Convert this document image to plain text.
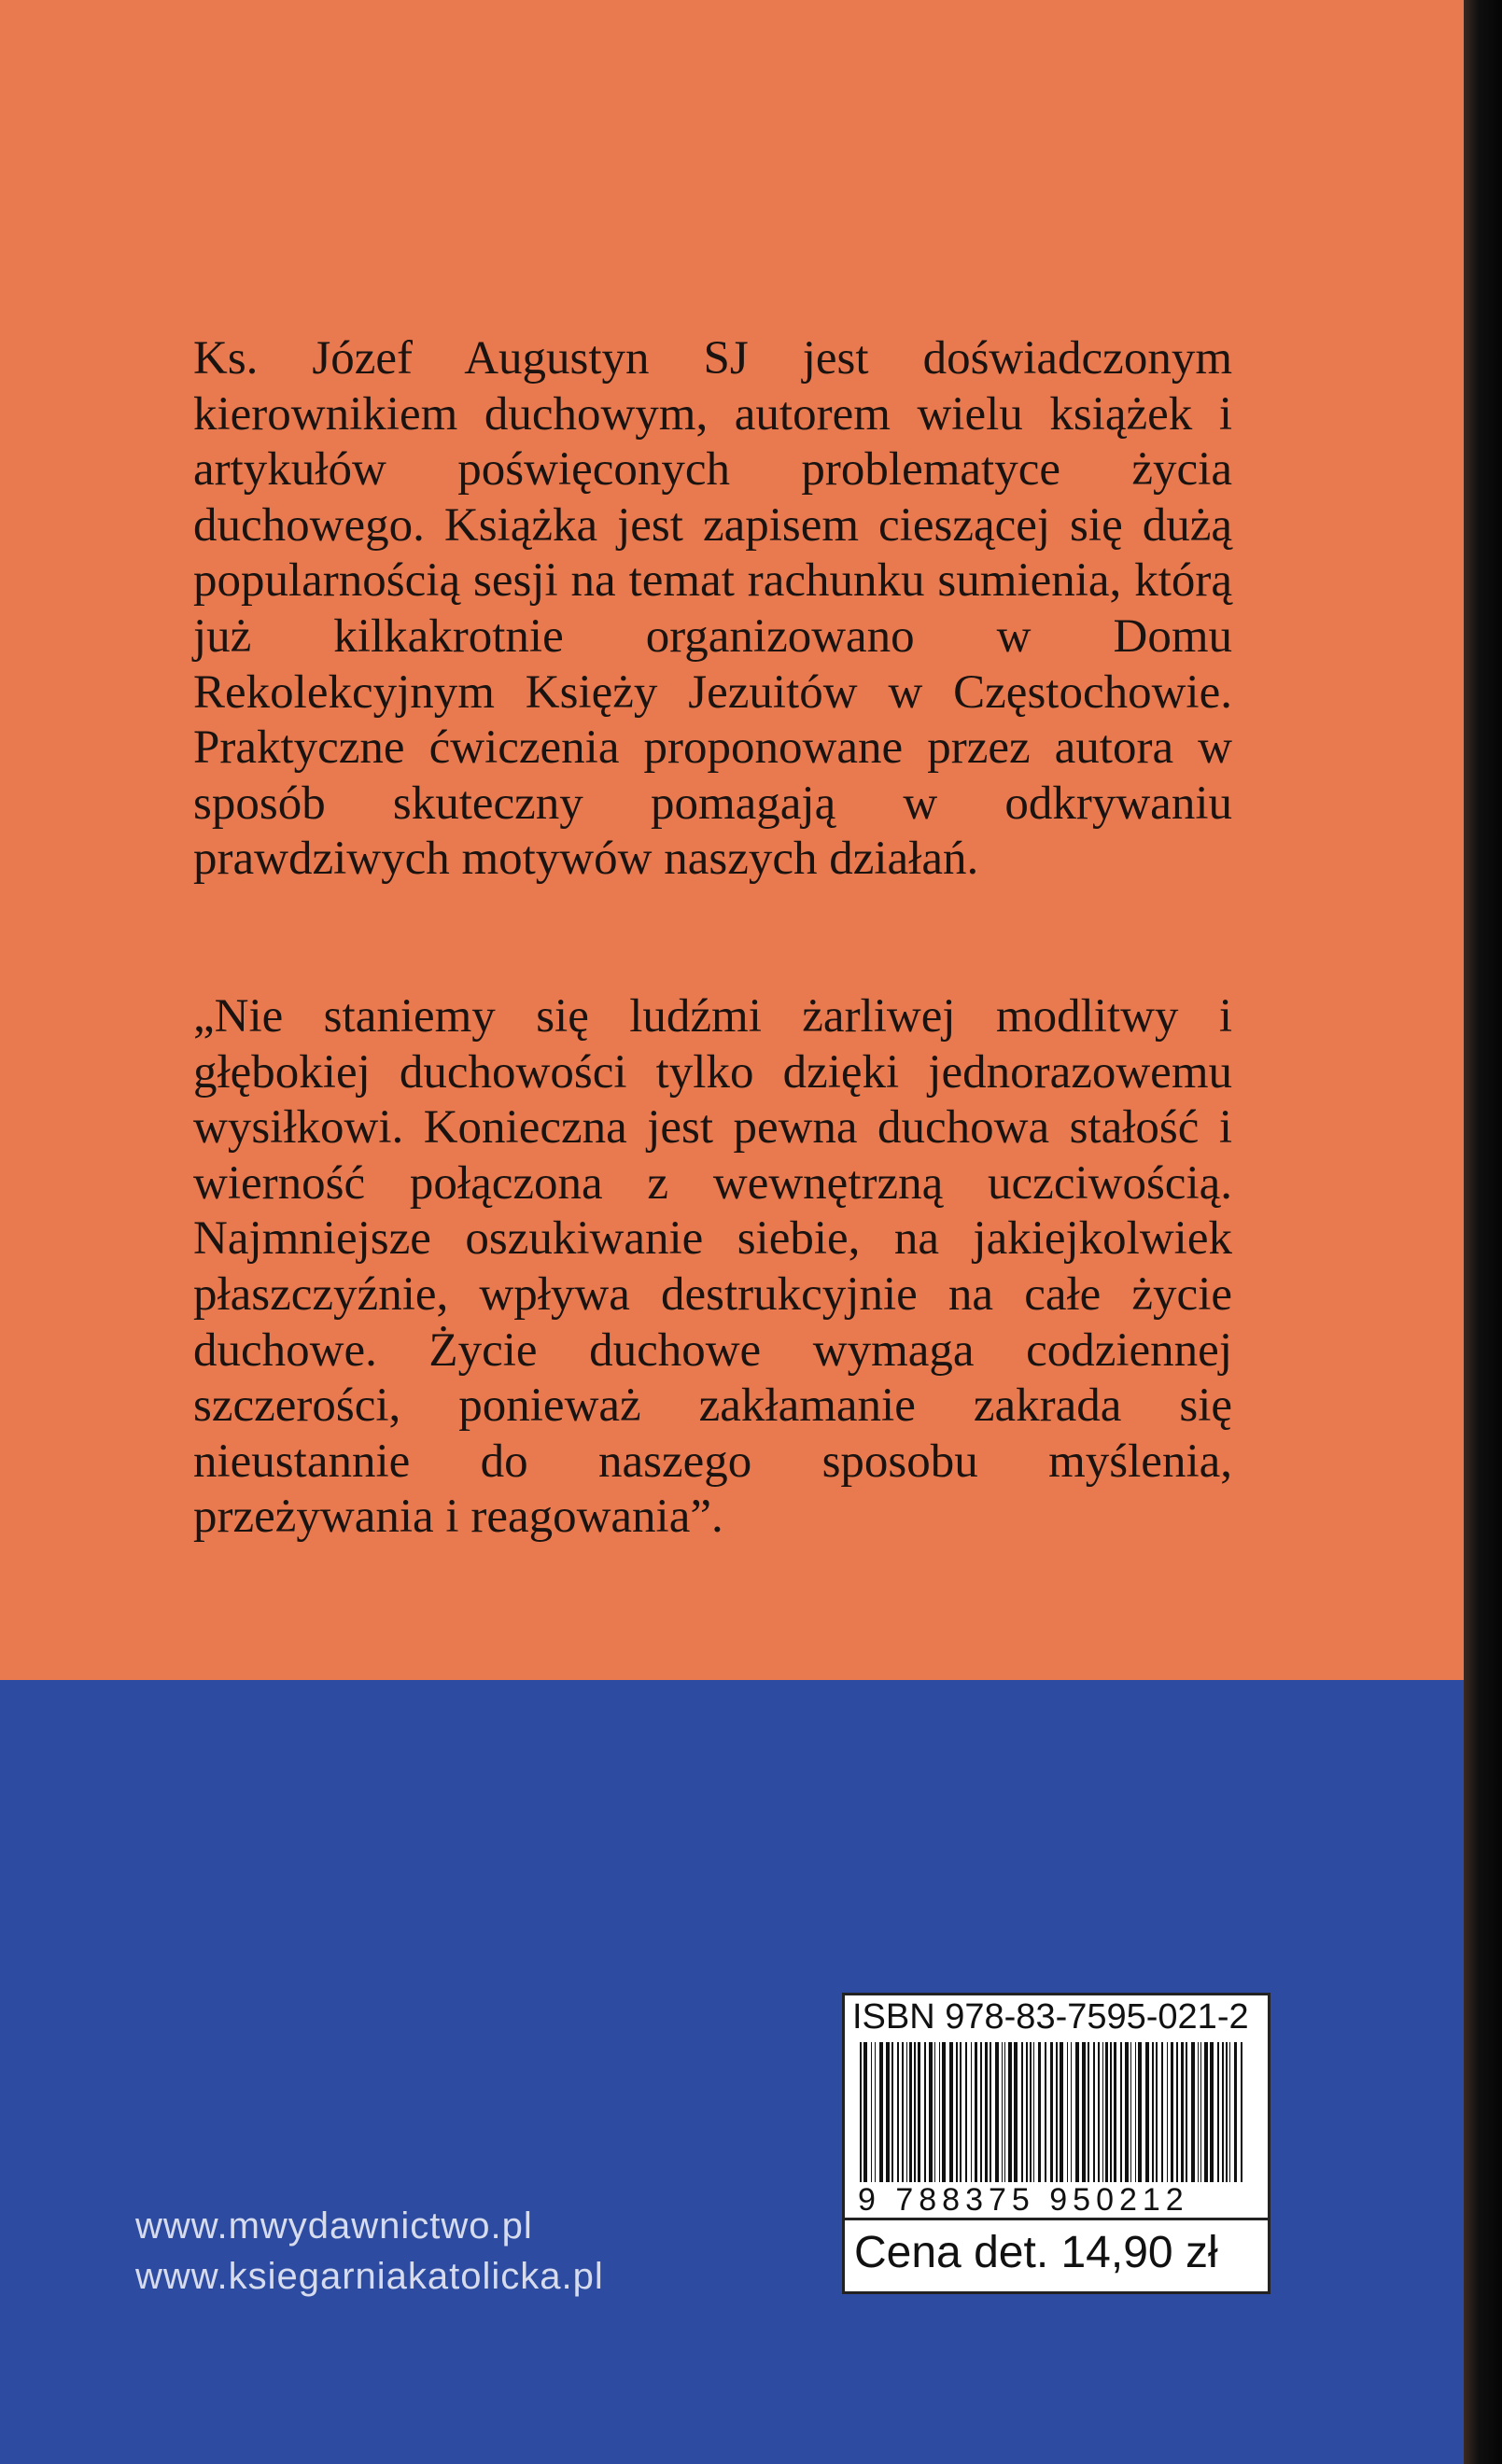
Ks. Józef Augustyn SJ jest doświadczonym kierownikiem duchowym, autorem wielu książek i artykułów poświęconych problematyce życia duchowego. Książka jest zapisem cieszącej się dużą popularnością sesji na temat rachunku sumienia, którą już kilkakrotnie organizowano w Domu Rekolekcyjnym Księży Jezuitów w Częstochowie. Praktyczne ćwiczenia proponowane przez autora w sposób skuteczny pomagają w odkrywaniu prawdziwych motywów naszych działań.

„Nie staniemy się ludźmi żarliwej modlitwy i głębokiej duchowości tylko dzięki jednorazowemu wysiłkowi. Konieczna jest pewna duchowa stałość i wierność połączona z wewnętrzną uczciwością. Najmniejsze oszukiwanie siebie, na jakiejkolwiek płaszczyźnie, wpływa destrukcyjnie na całe życie duchowe. Życie duchowe wymaga codziennej szczerości, ponieważ zakłamanie zakrada się nieustannie do naszego sposobu myślenia, przeżywania i reagowania”.

www.mwydawnictwo.pl
www.ksiegarniakatolicka.pl
ISBN 978-83-7595-021-2
9 788375 950212
Cena det. 14,90 zł
